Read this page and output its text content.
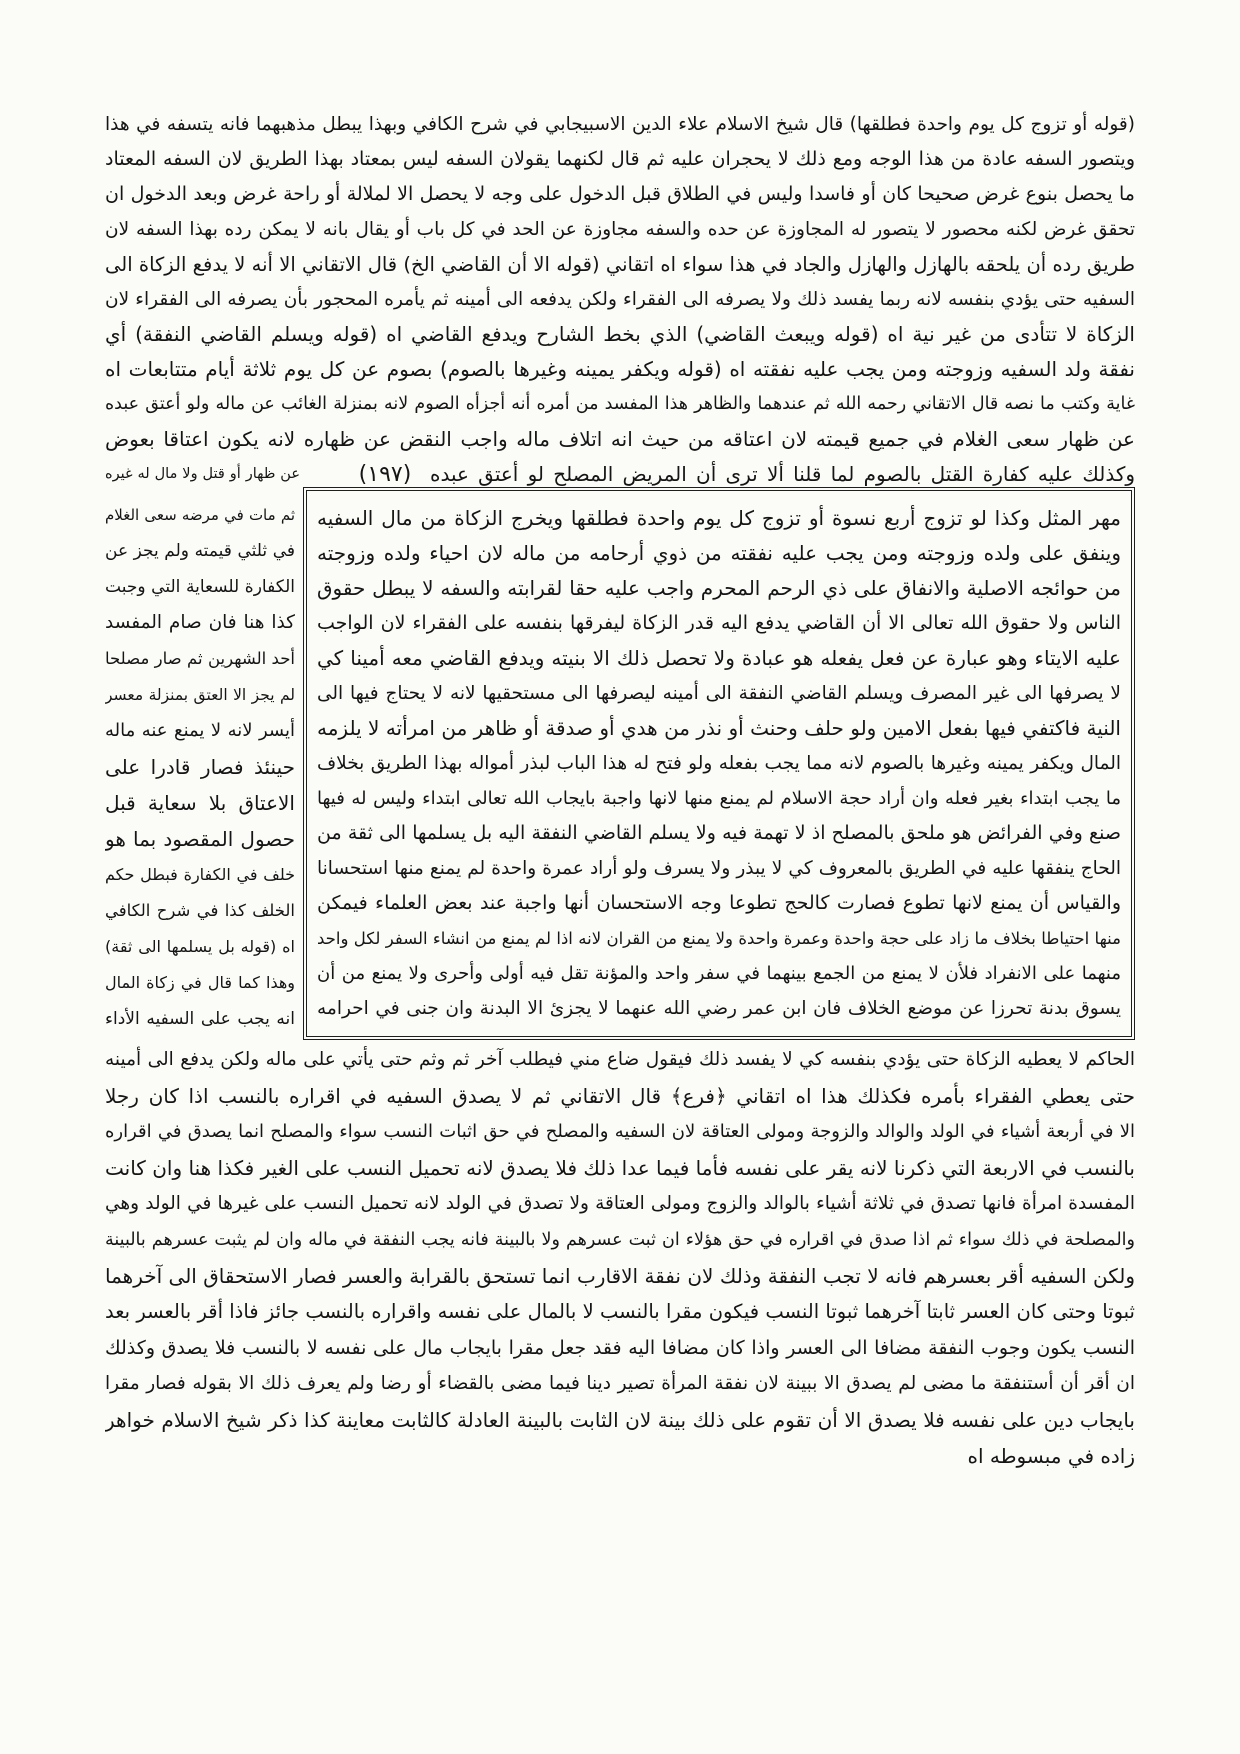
(قوله أو تزوج كل يوم واحدة فطلقها) قال شيخ الاسلام علاء الدين الاسبيجابي في شرح الكافي وبهذا يبطل مذهبهما فانه يتسفه في هذا
ويتصور السفه عادة من هذا الوجه ومع ذلك لا يحجران عليه ثم قال لكنهما يقولان السفه ليس بمعتاد بهذا الطريق لان السفه المعتاد
ما يحصل بنوع غرض صحيحا كان أو فاسدا وليس في الطلاق قبل الدخول على وجه لا يحصل الا لملالة أو راحة غرض وبعد الدخول ان
تحقق غرض لكنه محصور لا يتصور له المجاوزة عن حده والسفه مجاوزة عن الحد في كل باب أو يقال بانه لا يمكن رده بهذا السفه لان
طريق رده أن يلحقه بالهازل والهازل والجاد في هذا سواء اه اتقاني (قوله الا أن القاضي الخ) قال الاتقاني الا أنه لا يدفع الزكاة الى
السفيه حتى يؤدي بنفسه لانه ربما يفسد ذلك ولا يصرفه الى الفقراء ولكن يدفعه الى أمينه ثم يأمره المحجور بأن يصرفه الى الفقراء لان
الزكاة لا تتأدى من غير نية اه (قوله ويبعث القاضي) الذي بخط الشارح ويدفع القاضي اه (قوله ويسلم القاضي النفقة) أي
نفقة ولد السفيه وزوجته ومن يجب عليه نفقته اه (قوله ويكفر يمينه وغيرها بالصوم) بصوم عن كل يوم ثلاثة أيام متتابعات اه
غاية وكتب ما نصه قال الاتقاني رحمه الله ثم عندهما والظاهر هذا المفسد من أمره أنه أجزأه الصوم لانه بمنزلة الغائب عن ماله ولو أعتق عبده
عن ظهار سعى الغلام في جميع قيمته لان اعتاقه من حيث انه اتلاف ماله واجب النقض عن ظهاره لانه يكون اعتاقا بعوض
وكذلك عليه كفارة القتل بالصوم لما قلنا ألا ترى أن المريض المصلح لو أعتق عبده
(١٩٧)
عن ظهار أو قتل ولا مال له غيره
مهر المثل وكذا لو تزوج أربع نسوة أو تزوج كل يوم واحدة فطلقها ويخرج الزكاة من مال السفيه
وينفق على ولده وزوجته ومن يجب عليه نفقته من ذوي أرحامه من ماله لان احياء ولده وزوجته
من حوائجه الاصلية والانفاق على ذي الرحم المحرم واجب عليه حقا لقرابته والسفه لا يبطل حقوق
الناس ولا حقوق الله تعالى الا أن القاضي يدفع اليه قدر الزكاة ليفرقها بنفسه على الفقراء لان الواجب
عليه الايتاء وهو عبارة عن فعل يفعله هو عبادة ولا تحصل ذلك الا بنيته ويدفع القاضي معه أمينا كي
لا يصرفها الى غير المصرف ويسلم القاضي النفقة الى أمينه ليصرفها الى مستحقيها لانه لا يحتاج فيها الى
النية فاكتفي فيها بفعل الامين ولو حلف وحنث أو نذر من هدي أو صدقة أو ظاهر من امرأته لا يلزمه
المال ويكفر يمينه وغيرها بالصوم لانه مما يجب بفعله ولو فتح له هذا الباب لبذر أمواله بهذا الطريق بخلاف
ما يجب ابتداء بغير فعله وان أراد حجة الاسلام لم يمنع منها لانها واجبة بايجاب الله تعالى ابتداء وليس له فيها
صنع وفي الفرائض هو ملحق بالمصلح اذ لا تهمة فيه ولا يسلم القاضي النفقة اليه بل يسلمها الى ثقة من
الحاج ينفقها عليه في الطريق بالمعروف كي لا يبذر ولا يسرف ولو أراد عمرة واحدة لم يمنع منها استحسانا
والقياس أن يمنع لانها تطوع فصارت كالحج تطوعا وجه الاستحسان أنها واجبة عند بعض العلماء فيمكن
منها احتياطا بخلاف ما زاد على حجة واحدة وعمرة واحدة ولا يمنع من القران لانه اذا لم يمنع من انشاء السفر لكل واحد
منهما على الانفراد فلأن لا يمنع من الجمع بينهما في سفر واحد والمؤنة تقل فيه أولى وأحرى ولا يمنع من أن
يسوق بدنة تحرزا عن موضع الخلاف فان ابن عمر رضي الله عنهما لا يجزئ الا البدنة وان جنى في احرامه
ثم مات في مرضه سعى الغلام
في ثلثي قيمته ولم يجز عن
الكفارة للسعاية التي وجبت
كذا هنا فان صام المفسد
أحد الشهرين ثم صار مصلحا
لم يجز الا العتق بمنزلة معسر
أيسر لانه لا يمنع عنه ماله
حينئذ فصار قادرا على
الاعتاق بلا سعاية قبل
حصول المقصود بما هو
خلف في الكفارة فبطل حكم
الخلف كذا في شرح الكافي
اه (قوله بل يسلمها الى ثقة)
وهذا كما قال في زكاة المال
انه يجب على السفيه الأداء
الحاكم لا يعطيه الزكاة حتى يؤدي بنفسه كي لا يفسد ذلك فيقول ضاع مني فيطلب آخر ثم وثم حتى يأتي على ماله ولكن يدفع الى أمينه
حتى يعطي الفقراء بأمره فكذلك هذا اه اتقاني ﴿فرع﴾ قال الاتقاني ثم لا يصدق السفيه في اقراره بالنسب اذا كان رجلا
الا في أربعة أشياء في الولد والوالد والزوجة ومولى العتاقة لان السفيه والمصلح في حق اثبات النسب سواء والمصلح انما يصدق في اقراره
بالنسب في الاربعة التي ذكرنا لانه يقر على نفسه فأما فيما عدا ذلك فلا يصدق لانه تحميل النسب على الغير فكذا هنا وان كانت
المفسدة امرأة فانها تصدق في ثلاثة أشياء بالوالد والزوج ومولى العتاقة ولا تصدق في الولد لانه تحميل النسب على غيرها في الولد وهي
والمصلحة في ذلك سواء ثم اذا صدق في اقراره في حق هؤلاء ان ثبت عسرهم ولا بالبينة فانه يجب النفقة في ماله وان لم يثبت عسرهم بالبينة
ولكن السفيه أقر بعسرهم فانه لا تجب النفقة وذلك لان نفقة الاقارب انما تستحق بالقرابة والعسر فصار الاستحقاق الى آخرهما
ثبوتا وحتى كان العسر ثابتا آخرهما ثبوتا النسب فيكون مقرا بالنسب لا بالمال على نفسه واقراره بالنسب جائز فاذا أقر بالعسر بعد
النسب يكون وجوب النفقة مضافا الى العسر واذا كان مضافا اليه فقد جعل مقرا بايجاب مال على نفسه لا بالنسب فلا يصدق وكذلك
ان أقر أن أستنفقة ما مضى لم يصدق الا ببينة لان نفقة المرأة تصير دينا فيما مضى بالقضاء أو رضا ولم يعرف ذلك الا بقوله فصار مقرا
بايجاب دين على نفسه فلا يصدق الا أن تقوم على ذلك بينة لان الثابت بالبينة العادلة كالثابت معاينة كذا ذكر شيخ الاسلام خواهر
زاده في مبسوطه اه
